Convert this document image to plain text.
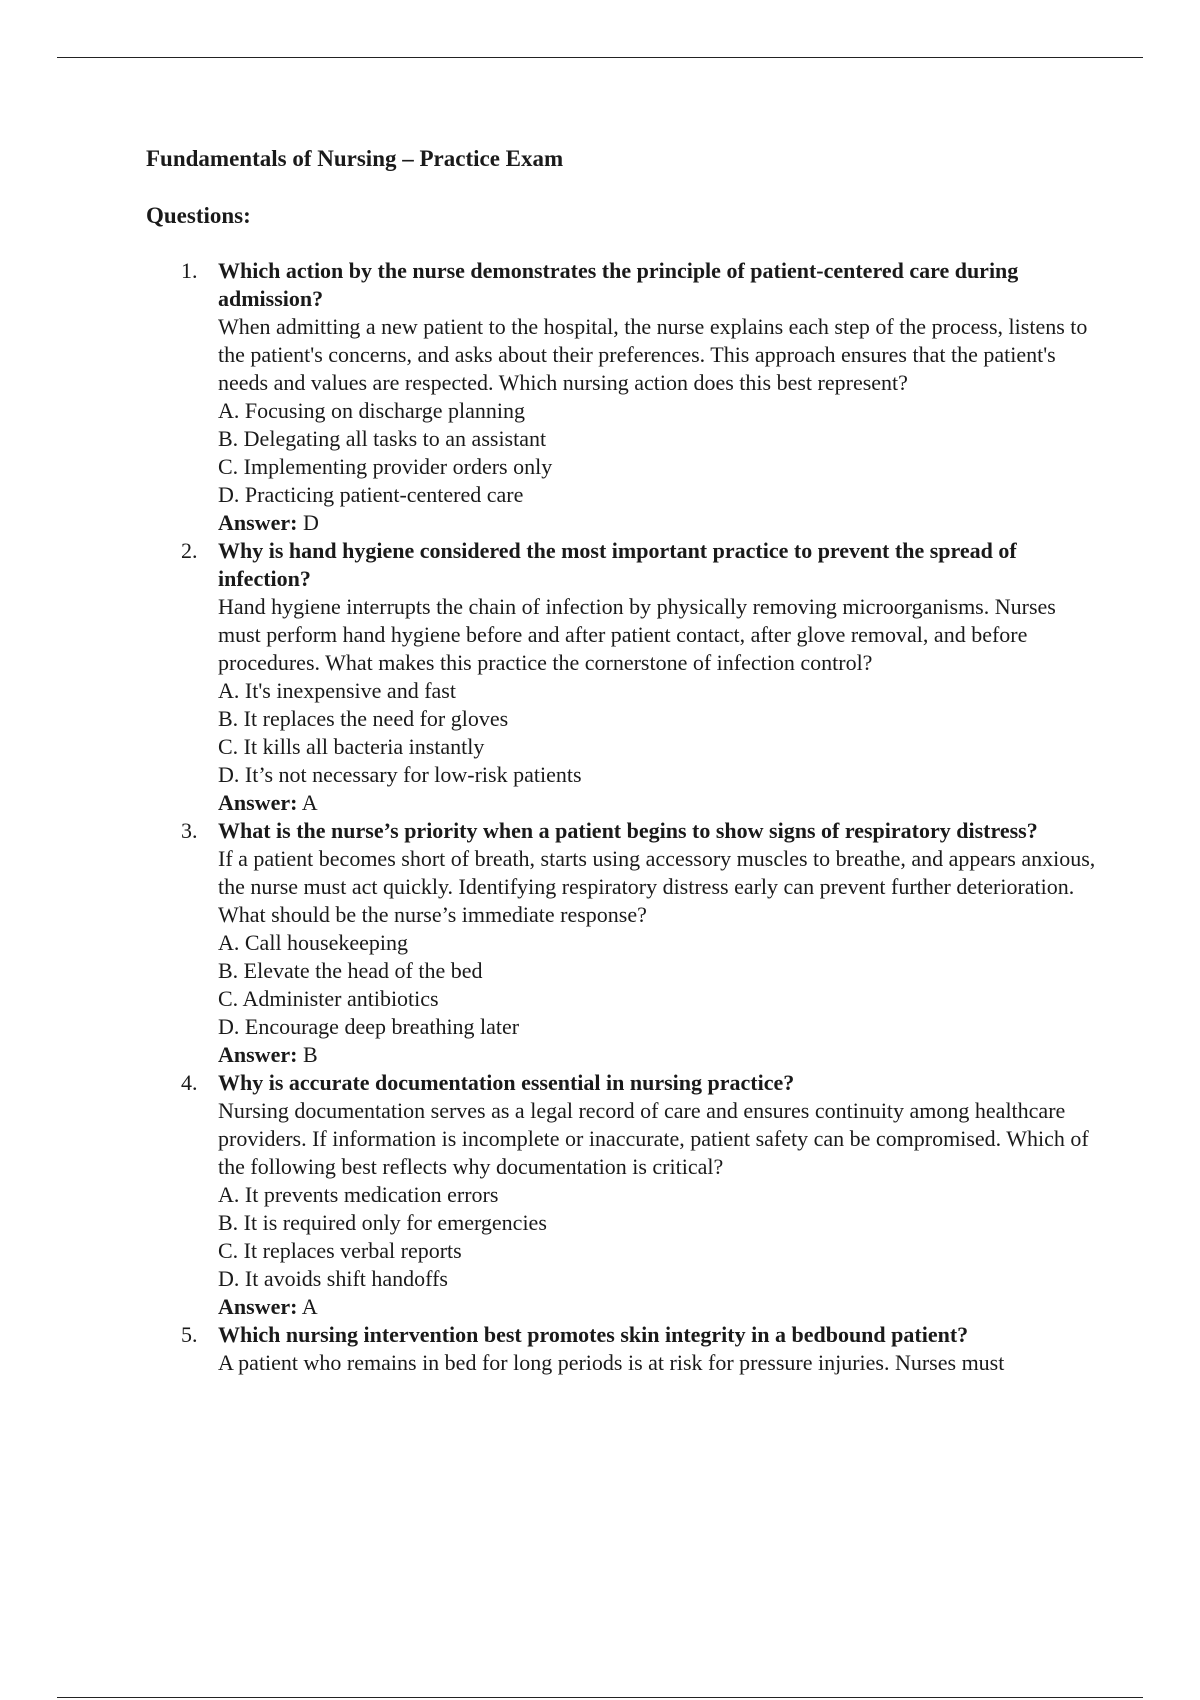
Fundamentals of Nursing – Practice Exam
Questions:
1. Which action by the nurse demonstrates the principle of patient-centered care during admission?
When admitting a new patient to the hospital, the nurse explains each step of the process, listens to the patient's concerns, and asks about their preferences. This approach ensures that the patient's needs and values are respected. Which nursing action does this best represent?
A. Focusing on discharge planning
B. Delegating all tasks to an assistant
C. Implementing provider orders only
D. Practicing patient-centered care
Answer: D
2. Why is hand hygiene considered the most important practice to prevent the spread of infection?
Hand hygiene interrupts the chain of infection by physically removing microorganisms. Nurses must perform hand hygiene before and after patient contact, after glove removal, and before procedures. What makes this practice the cornerstone of infection control?
A. It's inexpensive and fast
B. It replaces the need for gloves
C. It kills all bacteria instantly
D. It’s not necessary for low-risk patients
Answer: A
3. What is the nurse’s priority when a patient begins to show signs of respiratory distress?
If a patient becomes short of breath, starts using accessory muscles to breathe, and appears anxious, the nurse must act quickly. Identifying respiratory distress early can prevent further deterioration. What should be the nurse’s immediate response?
A. Call housekeeping
B. Elevate the head of the bed
C. Administer antibiotics
D. Encourage deep breathing later
Answer: B
4. Why is accurate documentation essential in nursing practice?
Nursing documentation serves as a legal record of care and ensures continuity among healthcare providers. If information is incomplete or inaccurate, patient safety can be compromised. Which of the following best reflects why documentation is critical?
A. It prevents medication errors
B. It is required only for emergencies
C. It replaces verbal reports
D. It avoids shift handoffs
Answer: A
5. Which nursing intervention best promotes skin integrity in a bedbound patient?
A patient who remains in bed for long periods is at risk for pressure injuries. Nurses must
